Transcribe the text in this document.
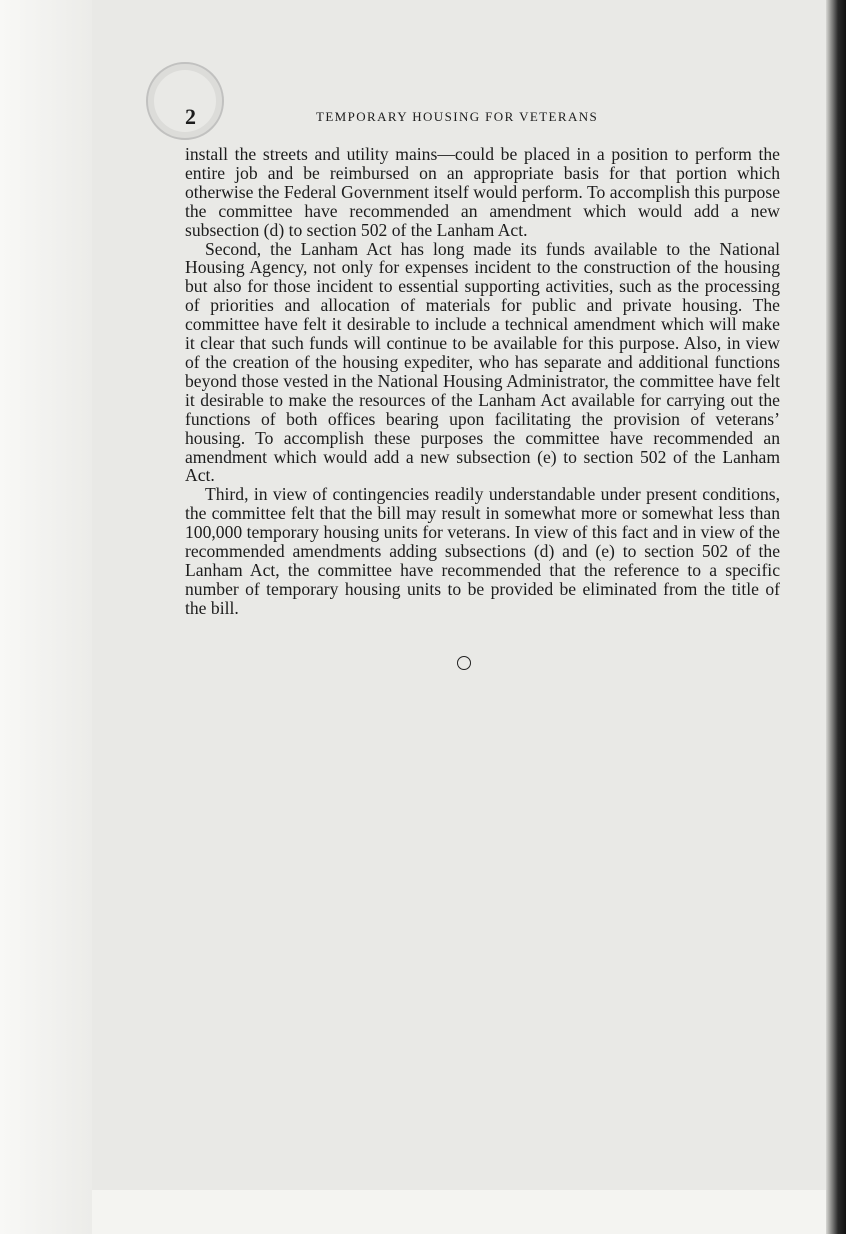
2	TEMPORARY HOUSING FOR VETERANS

install the streets and utility mains—could be placed in a position to perform the entire job and be reimbursed on an appropriate basis for that portion which otherwise the Federal Government itself would perform. To accomplish this purpose the committee have recommended an amendment which would add a new subsection (d) to section 502 of the Lanham Act.

Second, the Lanham Act has long made its funds available to the National Housing Agency, not only for expenses incident to the construction of the housing but also for those incident to essential supporting activities, such as the processing of priorities and allocation of materials for public and private housing. The committee have felt it desirable to include a technical amendment which will make it clear that such funds will continue to be available for this purpose. Also, in view of the creation of the housing expediter, who has separate and additional functions beyond those vested in the National Housing Administrator, the committee have felt it desirable to make the resources of the Lanham Act available for carrying out the functions of both offices bearing upon facilitating the provision of veterans’ housing. To accomplish these purposes the committee have recommended an amendment which would add a new subsection (e) to section 502 of the Lanham Act.

Third, in view of contingencies readily understandable under present conditions, the committee felt that the bill may result in somewhat more or somewhat less than 100,000 temporary housing units for veterans. In view of this fact and in view of the recommended amendments adding subsections (d) and (e) to section 502 of the Lanham Act, the committee have recommended that the reference to a specific number of temporary housing units to be provided be eliminated from the title of the bill.
